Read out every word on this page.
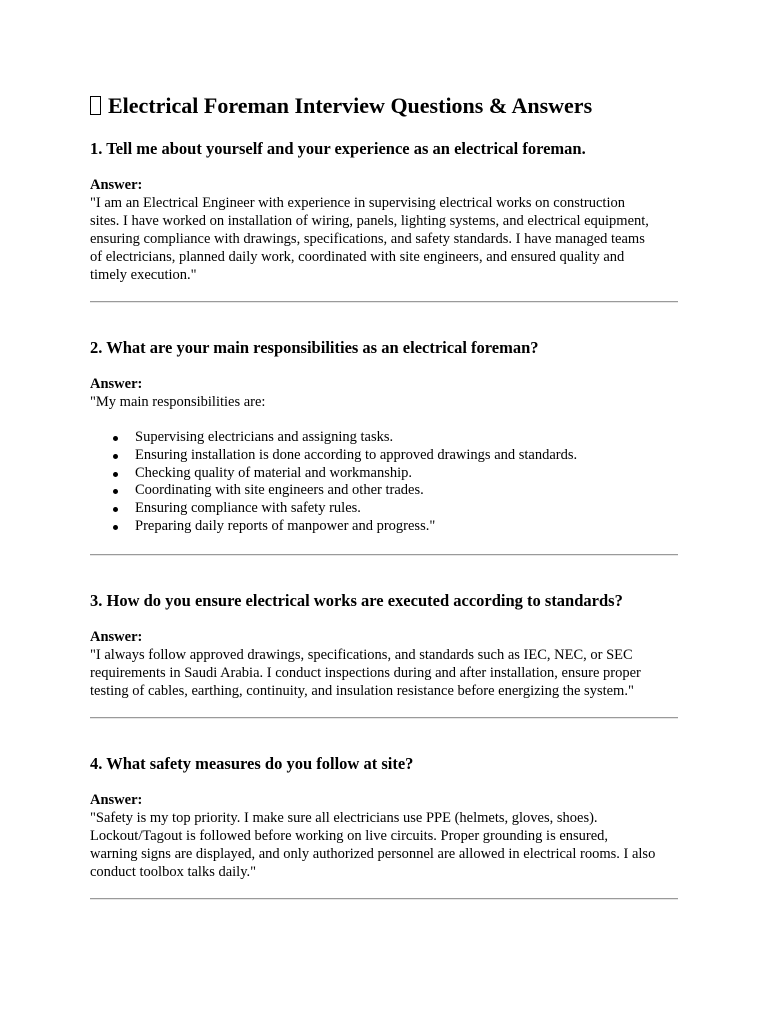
Electrical Foreman Interview Questions & Answers

1. Tell me about yourself and your experience as an electrical foreman.

Answer:

"I am an Electrical Engineer with experience in supervising electrical works on construction

sites. I have worked on installation of wiring, panels, lighting systems, and electrical equipment,

ensuring compliance with drawings, specifications, and safety standards. I have managed teams

of electricians, planned daily work, coordinated with site engineers, and ensured quality and

timely execution."

2. What are your main responsibilities as an electrical foreman?

Answer:

"My main responsibilities are:

Supervising electricians and assigning tasks.
Ensuring installation is done according to approved drawings and standards.
Checking quality of material and workmanship.
Coordinating with site engineers and other trades.
Ensuring compliance with safety rules.
Preparing daily reports of manpower and progress."

3. How do you ensure electrical works are executed according to standards?

Answer:

"I always follow approved drawings, specifications, and standards such as IEC, NEC, or SEC

requirements in Saudi Arabia. I conduct inspections during and after installation, ensure proper

testing of cables, earthing, continuity, and insulation resistance before energizing the system."

4. What safety measures do you follow at site?

Answer:

"Safety is my top priority. I make sure all electricians use PPE (helmets, gloves, shoes).

Lockout/Tagout is followed before working on live circuits. Proper grounding is ensured,

warning signs are displayed, and only authorized personnel are allowed in electrical rooms. I also

conduct toolbox talks daily."
